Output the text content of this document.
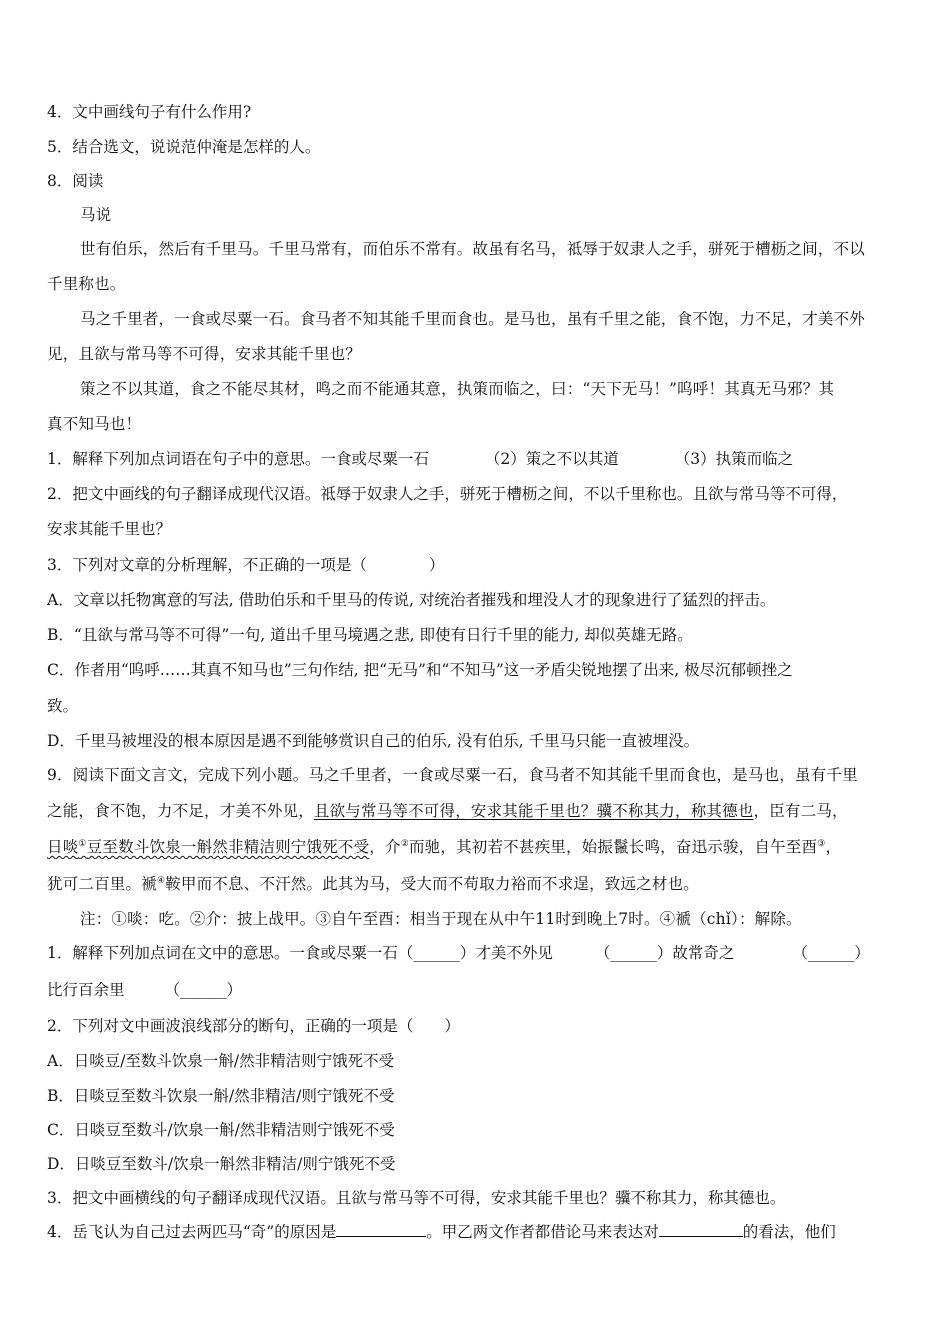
4．文中画线句子有什么作用?
5．结合选文，说说范仲淹是怎样的人。
8．阅读
马说
世有伯乐，然后有千里马。千里马常有，而伯乐不常有。故虽有名马，祗辱于奴隶人之手，骈死于槽枥之间，不以
千里称也。
马之千里者，一食或尽粟一石。食马者不知其能千里而食也。是马也，虽有千里之能，食不饱，力不足，才美不外
见，且欲与常马等不可得，安求其能千里也？
策之不以其道，食之不能尽其材，鸣之而不能通其意，执策而临之，曰：“天下无马！”呜呼！其真无马邪？其
真不知马也！
1．解释下列加点词语在句子中的意思。一食或尽粟一石	（2）策之不以其道	（3）执策而临之
2．把文中画线的句子翻译成现代汉语。祗辱于奴隶人之手，骈死于槽枥之间，不以千里称也。且欲与常马等不可得，
安求其能千里也？
3．下列对文章的分析理解，不正确的一项是（　　　　）
A．文章以托物寓意的写法, 借助伯乐和千里马的传说, 对统治者摧残和埋没人才的现象进行了猛烈的抨击。
B．“且欲与常马等不可得”一句, 道出千里马境遇之悲, 即使有日行千里的能力, 却似英雄无路。
C．作者用“呜呼……其真不知马也”三句作结, 把“无马”和“不知马”这一矛盾尖锐地摆了出来, 极尽沉郁顿挫之
致。
D．千里马被埋没的根本原因是遇不到能够赏识自己的伯乐, 没有伯乐, 千里马只能一直被埋没。
9．阅读下面文言文，完成下列小题。马之千里者，一食或尽粟一石，食马者不知其能千里而食也，是马也，虽有千里
之能，食不饱，力不足，才美不外见，且欲与常马等不可得，安求其能千里也？骥不称其力，称其德也，臣有二马，
日啖①豆至数斗饮泉一斛然非精洁则宁饿死不受，介②而驰，其初若不甚疾里，始振鬣长鸣，奋迅示骏，自午至酉③，
犹可二百里。褫④鞍甲而不息、不汗然。此其为马，受大而不苟取力裕而不求逞，致远之材也。
注：①啖：吃。②介：披上战甲。③自午至酉：相当于现在从中午11时到晚上7时。④褫（chǐ）：解除。
1．解释下列加点词在文中的意思。一食或尽粟一石（______）才美不外见	（______）故常奇之	（______）
比行百余里	（______）
2．下列对文中画波浪线部分的断句，正确的一项是（　　）
A．日啖豆/至数斗饮泉一斛/然非精洁则宁饿死不受
B．日啖豆至数斗饮泉一斛/然非精洁/则宁饿死不受
C．日啖豆至数斗/饮泉一斛/然非精洁则宁饿死不受
D．日啖豆至数斗/饮泉一斛然非精洁/则宁饿死不受
3．把文中画横线的句子翻译成现代汉语。且欲与常马等不可得，安求其能千里也？骥不称其力，称其德也。
4．岳飞认为自己过去两匹马“奇”的原因是	。甲乙两文作者都借论马来表达对	的看法，他们
